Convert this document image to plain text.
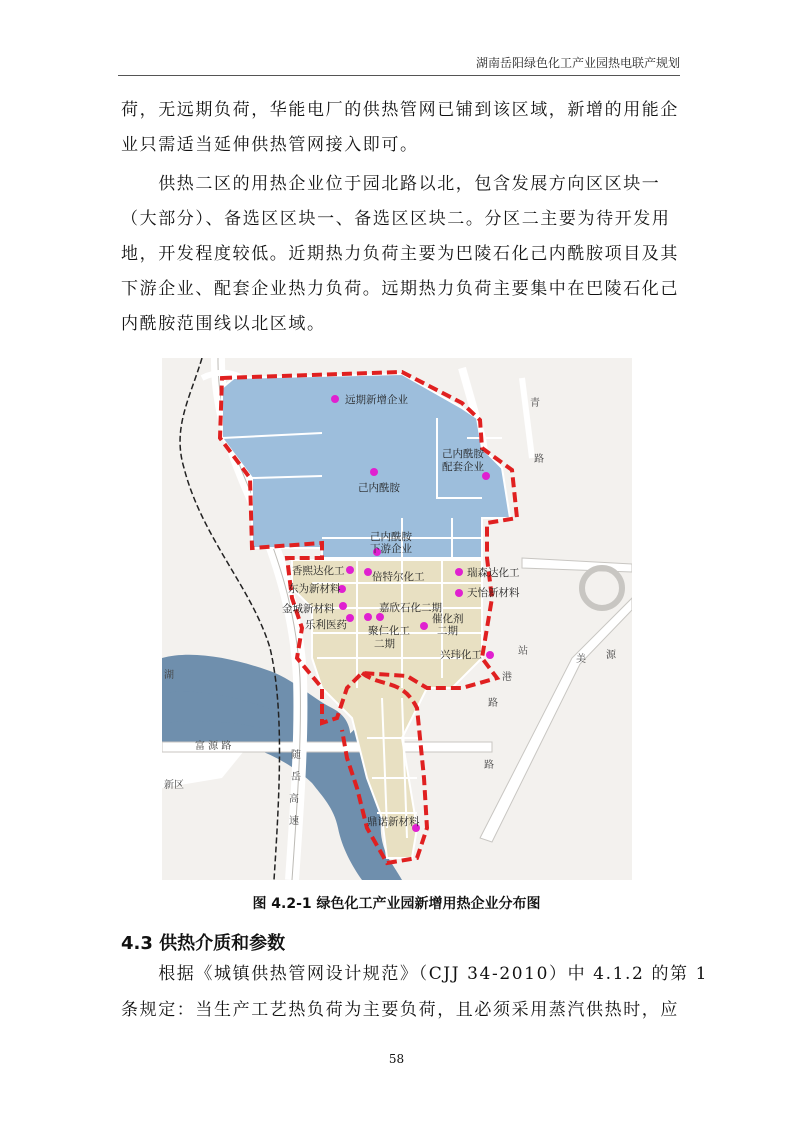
湖南岳阳绿色化工产业园热电联产规划

荷，无远期负荷，华能电厂的供热管网已铺到该区域，新增的用能企

业只需适当延伸供热管网接入即可。

　　供热二区的用热企业位于园北路以北，包含发展方向区区块一

（大部分）、备选区区块一、备选区区块二。分区二主要为待开发用

地，开发程度较低。近期热力负荷主要为巴陵石化己内酰胺项目及其

下游企业、配套企业热力负荷。远期热力负荷主要集中在巴陵石化己

内酰胺范围线以北区域。

富 源 路
湖
新区
随
岳
高
速
青
路
站
港
路
美 源
路
远期新增企业
己内酰胺
配套企业
己内酰胺
己内酰胺
下游企业
香熙达化工	倍特尔化工	瑞森达化工
东为新材料	天怡新材料
金城新材料	嘉欣石化二期
乐利医药	催化剂
二期
聚仁化工
二期
兴玮化工
鼎诺新材料
图 4.2-1 绿色化工产业园新增用热企业分布图
4.3 供热介质和参数

　　根据《城镇供热管网设计规范》（CJJ 34-2010）中 4.1.2 的第 1

条规定：当生产工艺热负荷为主要负荷，且必须采用蒸汽供热时，应

58
